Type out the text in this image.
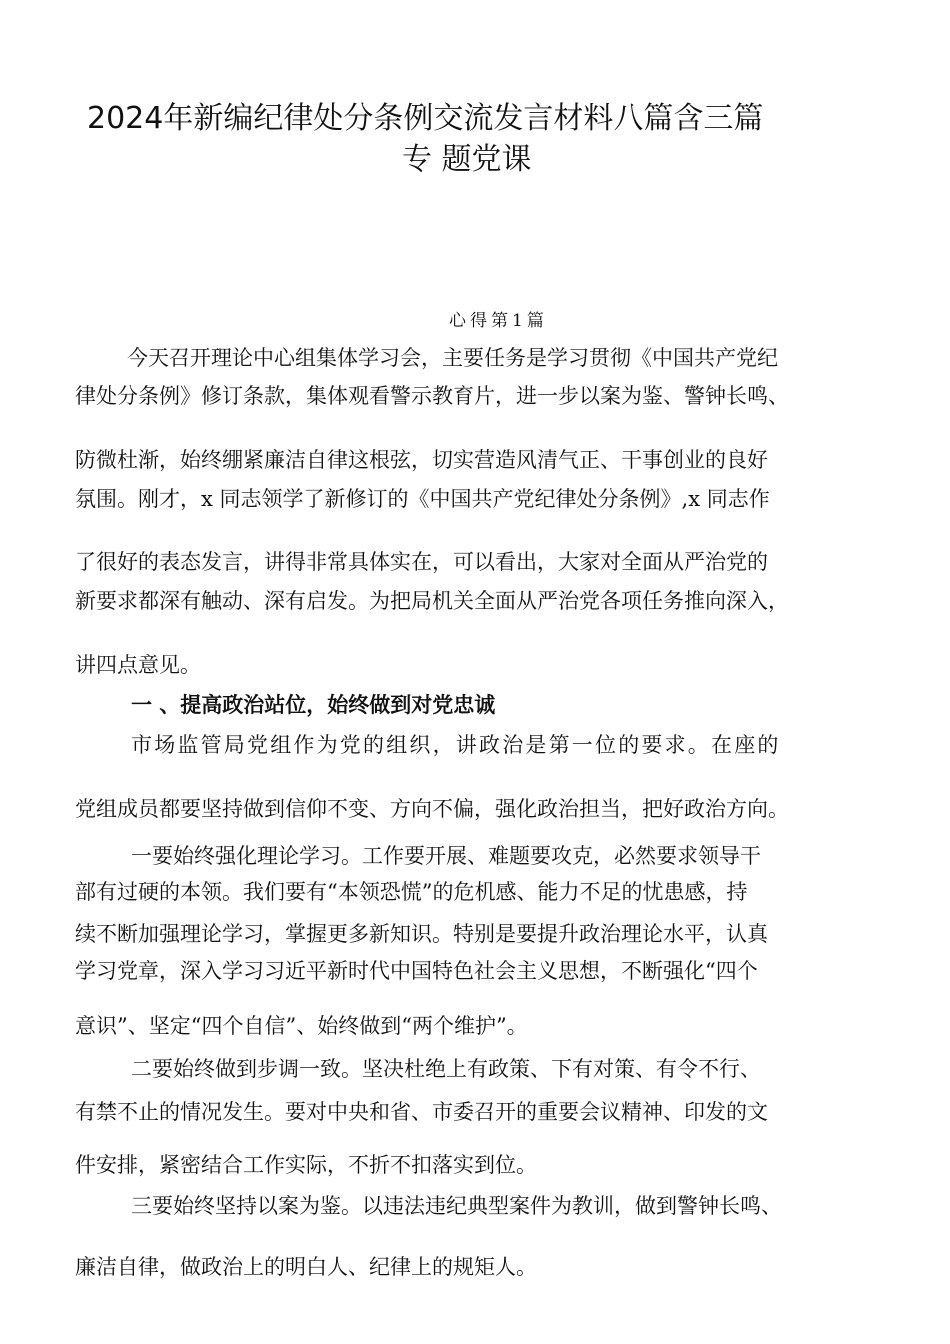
2024年新编纪律处分条例交流发言材料八篇含三篇
专 题党课
心得第1篇
今天召开理论中心组集体学习会，主要任务是学习贯彻《中国共产党纪
律处分条例》修订条款，集体观看警示教育片，进一步以案为鉴、警钟长鸣、
防微杜渐，始终绷紧廉洁自律这根弦，切实营造风清气正、干事创业的良好
氛围。刚才，x 同志领学了新修订的《中国共产党纪律处分条例》,x 同志作
了很好的表态发言，讲得非常具体实在，可以看出，大家对全面从严治党的
新要求都深有触动、深有启发。为把局机关全面从严治党各项任务推向深入，
讲四点意见。
一 、提高政治站位，始终做到对党忠诚
市场监管局党组作为党的组织，讲政治是第一位的要求。在座的
党组成员都要坚持做到信仰不变、方向不偏，强化政治担当，把好政治方向。
一要始终强化理论学习。工作要开展、难题要攻克，必然要求领导干
部有过硬的本领。我们要有“本领恐慌”的危机感、能力不足的忧患感，持
续不断加强理论学习，掌握更多新知识。特别是要提升政治理论水平，认真
学习党章，深入学习习近平新时代中国特色社会主义思想，不断强化“四个
意识”、坚定“四个自信”、始终做到“两个维护”。
二要始终做到步调一致。坚决杜绝上有政策、下有对策、有令不行、
有禁不止的情况发生。要对中央和省、市委召开的重要会议精神、印发的文
件安排，紧密结合工作实际，不折不扣落实到位。
三要始终坚持以案为鉴。以违法违纪典型案件为教训，做到警钟长鸣、
廉洁自律，做政治上的明白人、纪律上的规矩人。
